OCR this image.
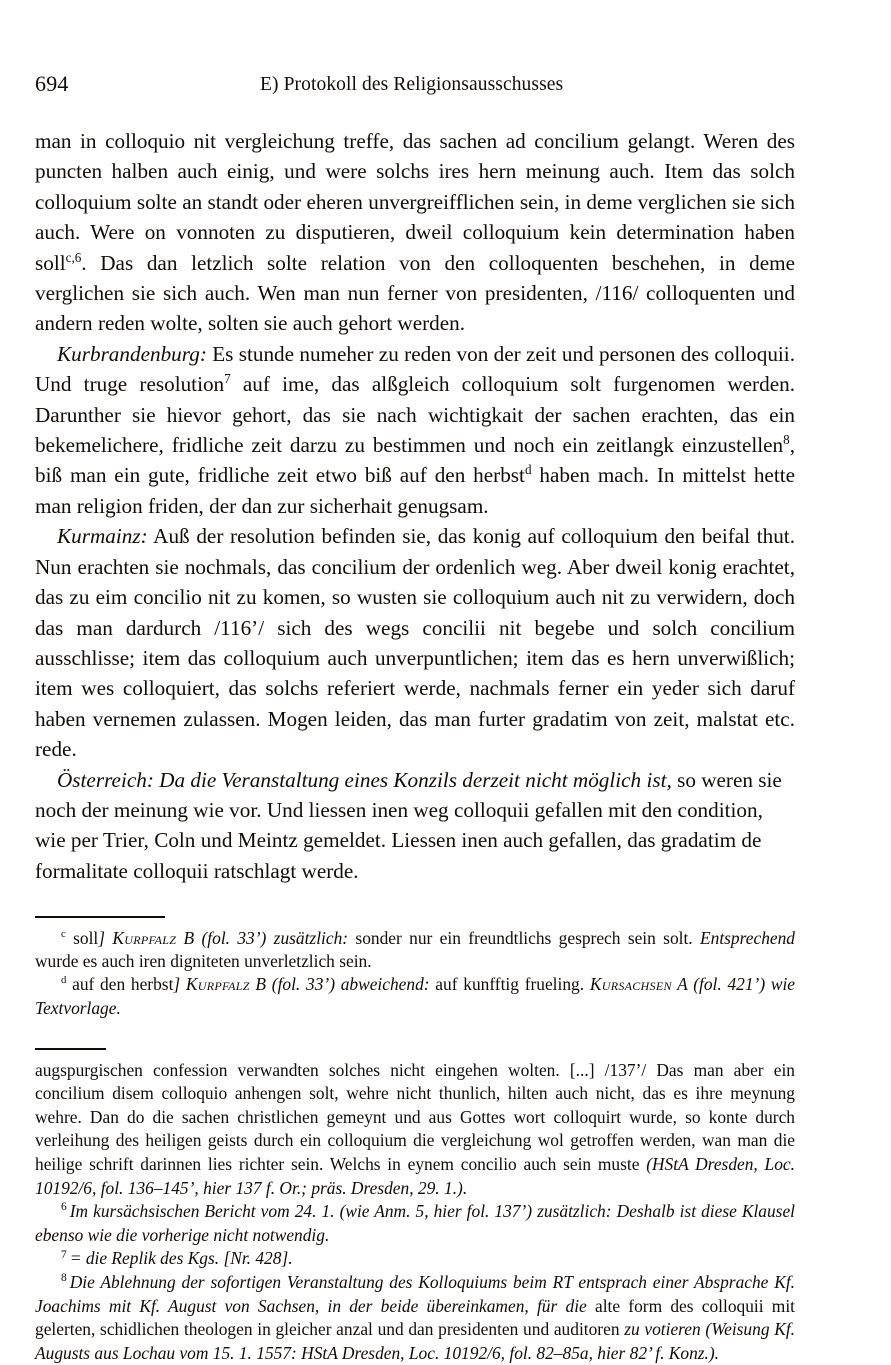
694	E) Protokoll des Religionsausschusses

man in colloquio nit vergleichung treffe, das sachen ad concilium gelangt. Weren des puncten halben auch einig, und were solchs ires hern meinung auch. Item das solch colloquium solte an standt oder eheren unvergreifflichen sein, in deme verglichen sie sich auch. Were on vonnoten zu disputieren, dweil colloquium kein determination haben soll$^{c,6}$. Das dan letzlich solte relation von den colloquenten beschehen, in deme verglichen sie sich auch. Wen man nun ferner von presidenten, /116/ colloquenten und andern reden wolte, solten sie auch gehort werden.

Kurbrandenburg: Es stunde numeher zu reden von der zeit und personen des colloquii. Und truge resolution$^7$ auf ime, das alßgleich colloquium solt furgenomen werden. Darunther sie hievor gehort, das sie nach wichtigkait der sachen erachten, das ein bekemelichere, fridliche zeit darzu zu bestimmen und noch ein zeitlangk einzustellen$^8$, biß man ein gute, fridliche zeit etwo biß auf den herbst$^d$ haben mach. In mittelst hette man religion friden, der dan zur sicherhait genugsam.

Kurmainz: Auß der resolution befinden sie, das konig auf colloquium den beifal thut. Nun erachten sie nochmals, das concilium der ordenlich weg. Aber dweil konig erachtet, das zu eim concilio nit zu komen, so wusten sie colloquium auch nit zu verwidern, doch das man dardurch /116’/ sich des wegs concilii nit begebe und solch concilium ausschlisse; item das colloquium auch unverpuntlichen; item das es hern unverwißlich; item wes colloquiert, das solchs referiert werde, nachmals ferner ein yeder sich daruf haben vernemen zulassen. Mogen leiden, das man furter gradatim von zeit, malstat etc. rede.

Österreich: Da die Veranstaltung eines Konzils derzeit nicht möglich ist, so weren sie noch der meinung wie vor. Und liessen inen weg colloquii gefallen mit den condition, wie per Trier, Coln und Meintz gemeldet. Liessen inen auch gefallen, das gradatim de formalitate colloquii ratschlagt werde.

$^c$ soll] Kurpfalz B (fol. 33’) zusätzlich: sonder nur ein freundtlichs gesprech sein solt. Entsprechend wurde es auch iren digniteten unverletzlich sein.

$^d$ auf den herbst] Kurpfalz B (fol. 33’) abweichend: auf kunfftig frueling. Kursachsen A (fol. 421’) wie Textvorlage.

augspurgischen confession verwandten solches nicht eingehen wolten. [...] /137’/ Das man aber ein concilium disem colloquio anhengen solt, wehre nicht thunlich, hilten auch nicht, das es ihre meynung wehre. Dan do die sachen christlichen gemeynt und aus Gottes wort colloquirt wurde, so konte durch verleihung des heiligen geists durch ein colloquium die vergleichung wol getroffen werden, wan man die heilige schrift darinnen lies richter sein. Welchs in eynem concilio auch sein muste (HStA Dresden, Loc. 10192/6, fol. 136–145’, hier 137 f. Or.; präs. Dresden, 29. 1.).

$^6$ Im kursächsischen Bericht vom 24. 1. (wie Anm. 5, hier fol. 137’) zusätzlich: Deshalb ist diese Klausel ebenso wie die vorherige nicht notwendig.

$^7$ = die Replik des Kgs. [Nr. 428].

$^8$ Die Ablehnung der sofortigen Veranstaltung des Kolloquiums beim RT entsprach einer Absprache Kf. Joachims mit Kf. August von Sachsen, in der beide übereinkamen, für die alte form des colloquii mit gelerten, schidlichen theologen in gleicher anzal und dan presidenten und auditoren zu votieren (Weisung Kf. Augusts aus Lochau vom 15. 1. 1557: HStA Dresden, Loc. 10192/6, fol. 82–85a, hier 82’ f. Konz.).
